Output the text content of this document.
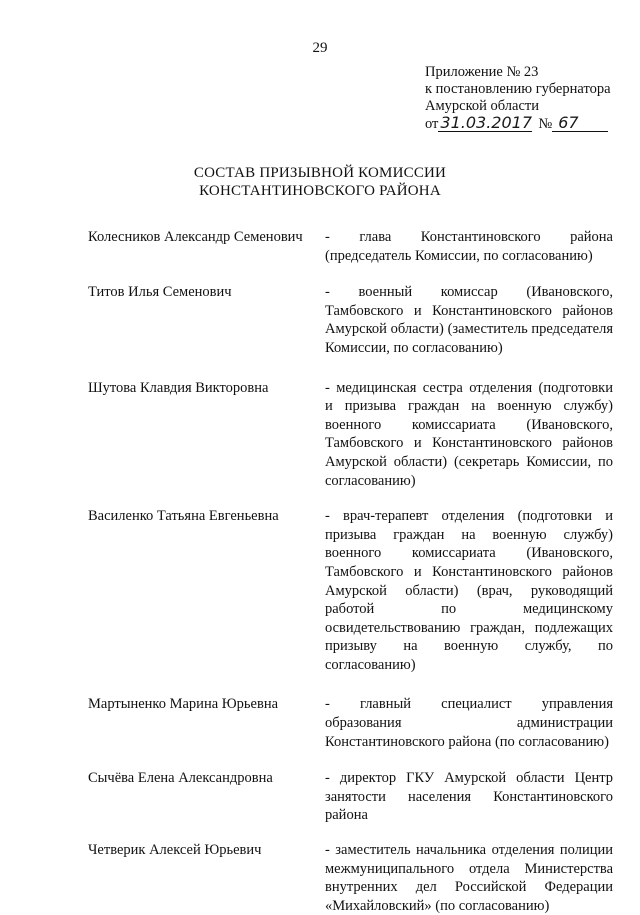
29
Приложение № 23
к постановлению губернатора
Амурской области
от 31.03.2017 № 67
СОСТАВ ПРИЗЫВНОЙ КОМИССИИ
КОНСТАНТИНОВСКОГО РАЙОНА
Колесников Александр Семенович	- глава Константиновского района (председатель Комиссии, по согласованию)
Титов Илья Семенович	- военный комиссар (Ивановского, Тамбовского и Константиновского районов Амурской области) (заместитель председателя Комиссии, по согласованию)
Шутова Клавдия Викторовна	- медицинская сестра отделения (подготовки и призыва граждан на военную службу) военного комиссариата (Ивановского, Тамбовского и Константиновского районов Амурской области) (секретарь Комиссии, по согласованию)
Василенко Татьяна Евгеньевна	- врач-терапевт отделения (подготовки и призыва граждан на военную службу) военного комиссариата (Ивановского, Тамбовского и Константиновского районов Амурской области) (врач, руководящий работой по медицинскому освидетельствованию граждан, подлежащих призыву на военную службу, по согласованию)
Мартыненко Марина Юрьевна	- главный специалист управления образования администрации Константиновского района (по согласованию)
Сычёва Елена Александровна	- директор ГКУ Амурской области Центр занятости населения Константиновского района
Четверик Алексей Юрьевич	- заместитель начальника отделения полиции межмуниципального отдела Министерства внутренних дел Российской Федерации «Михайловский» (по согласованию)
